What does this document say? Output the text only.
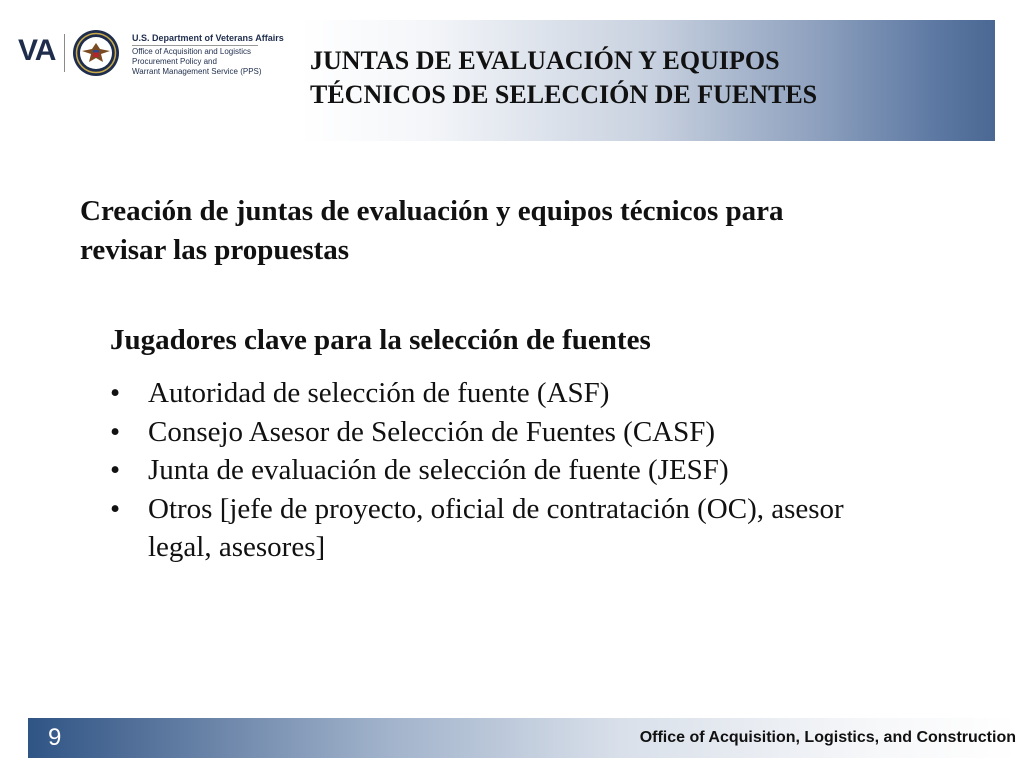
VA	U.S. Department of Veterans Affairs
Office of Acquisition and Logistics
Procurement Policy and
Warrant Management Service (PPS)	JUNTAS DE EVALUACIÓN Y EQUIPOS TÉCNICOS DE SELECCIÓN DE FUENTES
Creación de juntas de evaluación y equipos técnicos para revisar las propuestas
Jugadores clave para la selección de fuentes
• Autoridad de selección de fuente (ASF)
• Consejo Asesor de Selección de Fuentes (CASF)
• Junta de evaluación de selección de fuente (JESF)
• Otros [jefe de proyecto, oficial de contratación (OC), asesor legal, asesores]
9	Office of Acquisition, Logistics, and Construction
